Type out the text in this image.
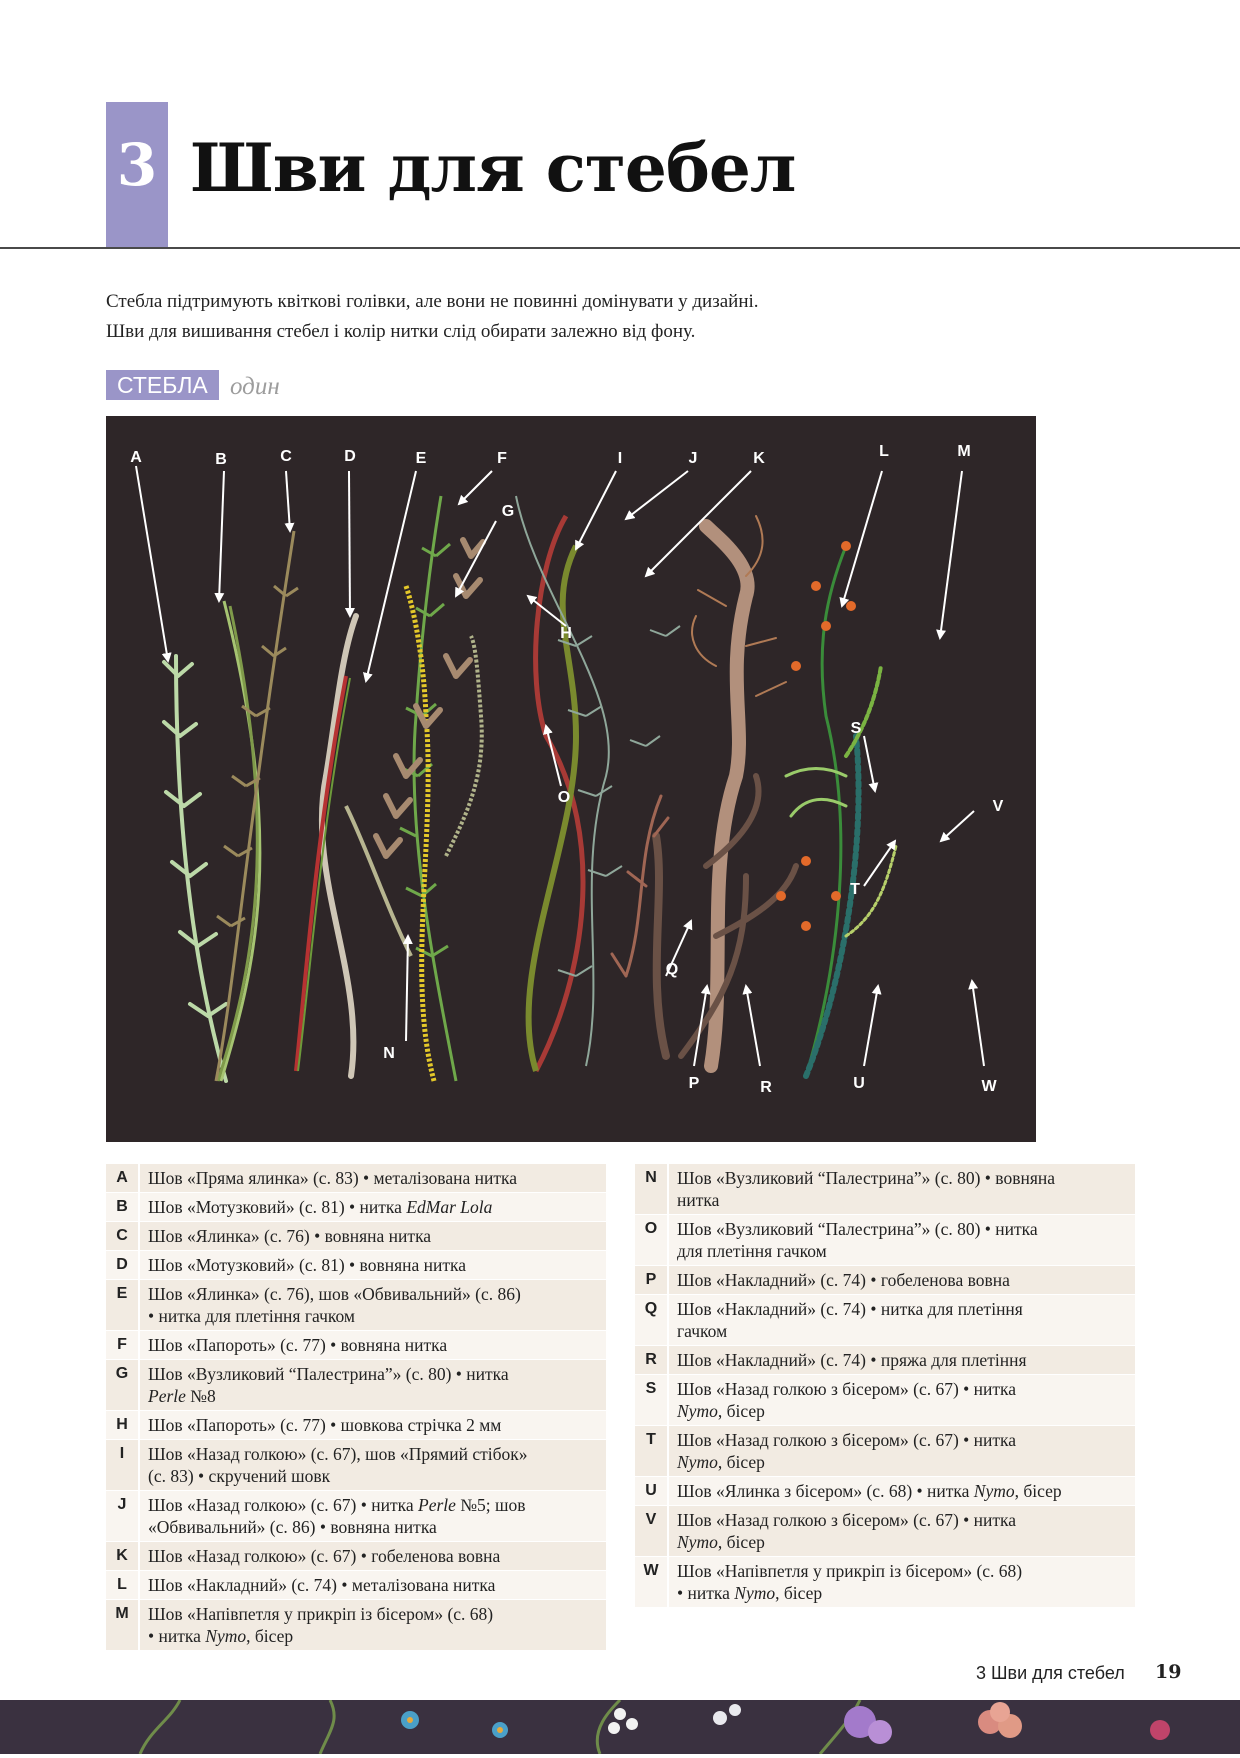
3 Шви для стебел

Стебла підтримують квіткові голівки, але вони не повинні домінувати у дизайні.

Шви для вишивання стебел і колір нитки слід обирати залежно від фону.

СТЕБЛА один
A	B	C	D	E	F
G
H
I	J	K	L	M
N
O
P
Q
R
S
T
U
V
W
A	Шов «Пряма ялинка» (с. 83) • металізована нитка
B	Шов «Мотузковий» (с. 81) • нитка EdMar Lola
C	Шов «Ялинка» (с. 76) • вовняна нитка
D	Шов «Мотузковий» (с. 81) • вовняна нитка
E	Шов «Ялинка» (с. 76), шов «Обвивальний» (с. 86)
• нитка для плетіння гачком
F	Шов «Папороть» (с. 77) • вовняна нитка
G	Шов «Вузликовий “Палестрина”» (с. 80) • нитка
Perle №8
H	Шов «Папороть» (с. 77) • шовкова стрічка 2 мм
I	Шов «Назад голкою» (с. 67), шов «Прямий стібок»
(с. 83) • скручений шовк
J	Шов «Назад голкою» (с. 67) • нитка Perle №5; шов
«Обвивальний» (с. 86) • вовняна нитка
K	Шов «Назад голкою» (с. 67) • гобеленова вовна
L	Шов «Накладний» (с. 74) • металізована нитка
M	Шов «Напівпетля у прикріп із бісером» (с. 68)
• нитка Nymo, бісер
N	Шов «Вузликовий “Палестрина”» (с. 80) • вовняна
нитка
O	Шов «Вузликовий “Палестрина”» (с. 80) • нитка
для плетіння гачком
P	Шов «Накладний» (с. 74) • гобеленова вовна
Q	Шов «Накладний» (с. 74) • нитка для плетіння
гачком
R	Шов «Накладний» (с. 74) • пряжа для плетіння
S	Шов «Назад голкою з бісером» (с. 67) • нитка
Nymo, бісер
T	Шов «Назад голкою з бісером» (с. 67) • нитка
Nymo, бісер
U	Шов «Ялинка з бісером» (с. 68) • нитка Nymo, бісер
V	Шов «Назад голкою з бісером» (с. 67) • нитка
Nymo, бісер
W	Шов «Напівпетля у прикріп із бісером» (с. 68)
• нитка Nymo, бісер
3 Шви для стебел 19
